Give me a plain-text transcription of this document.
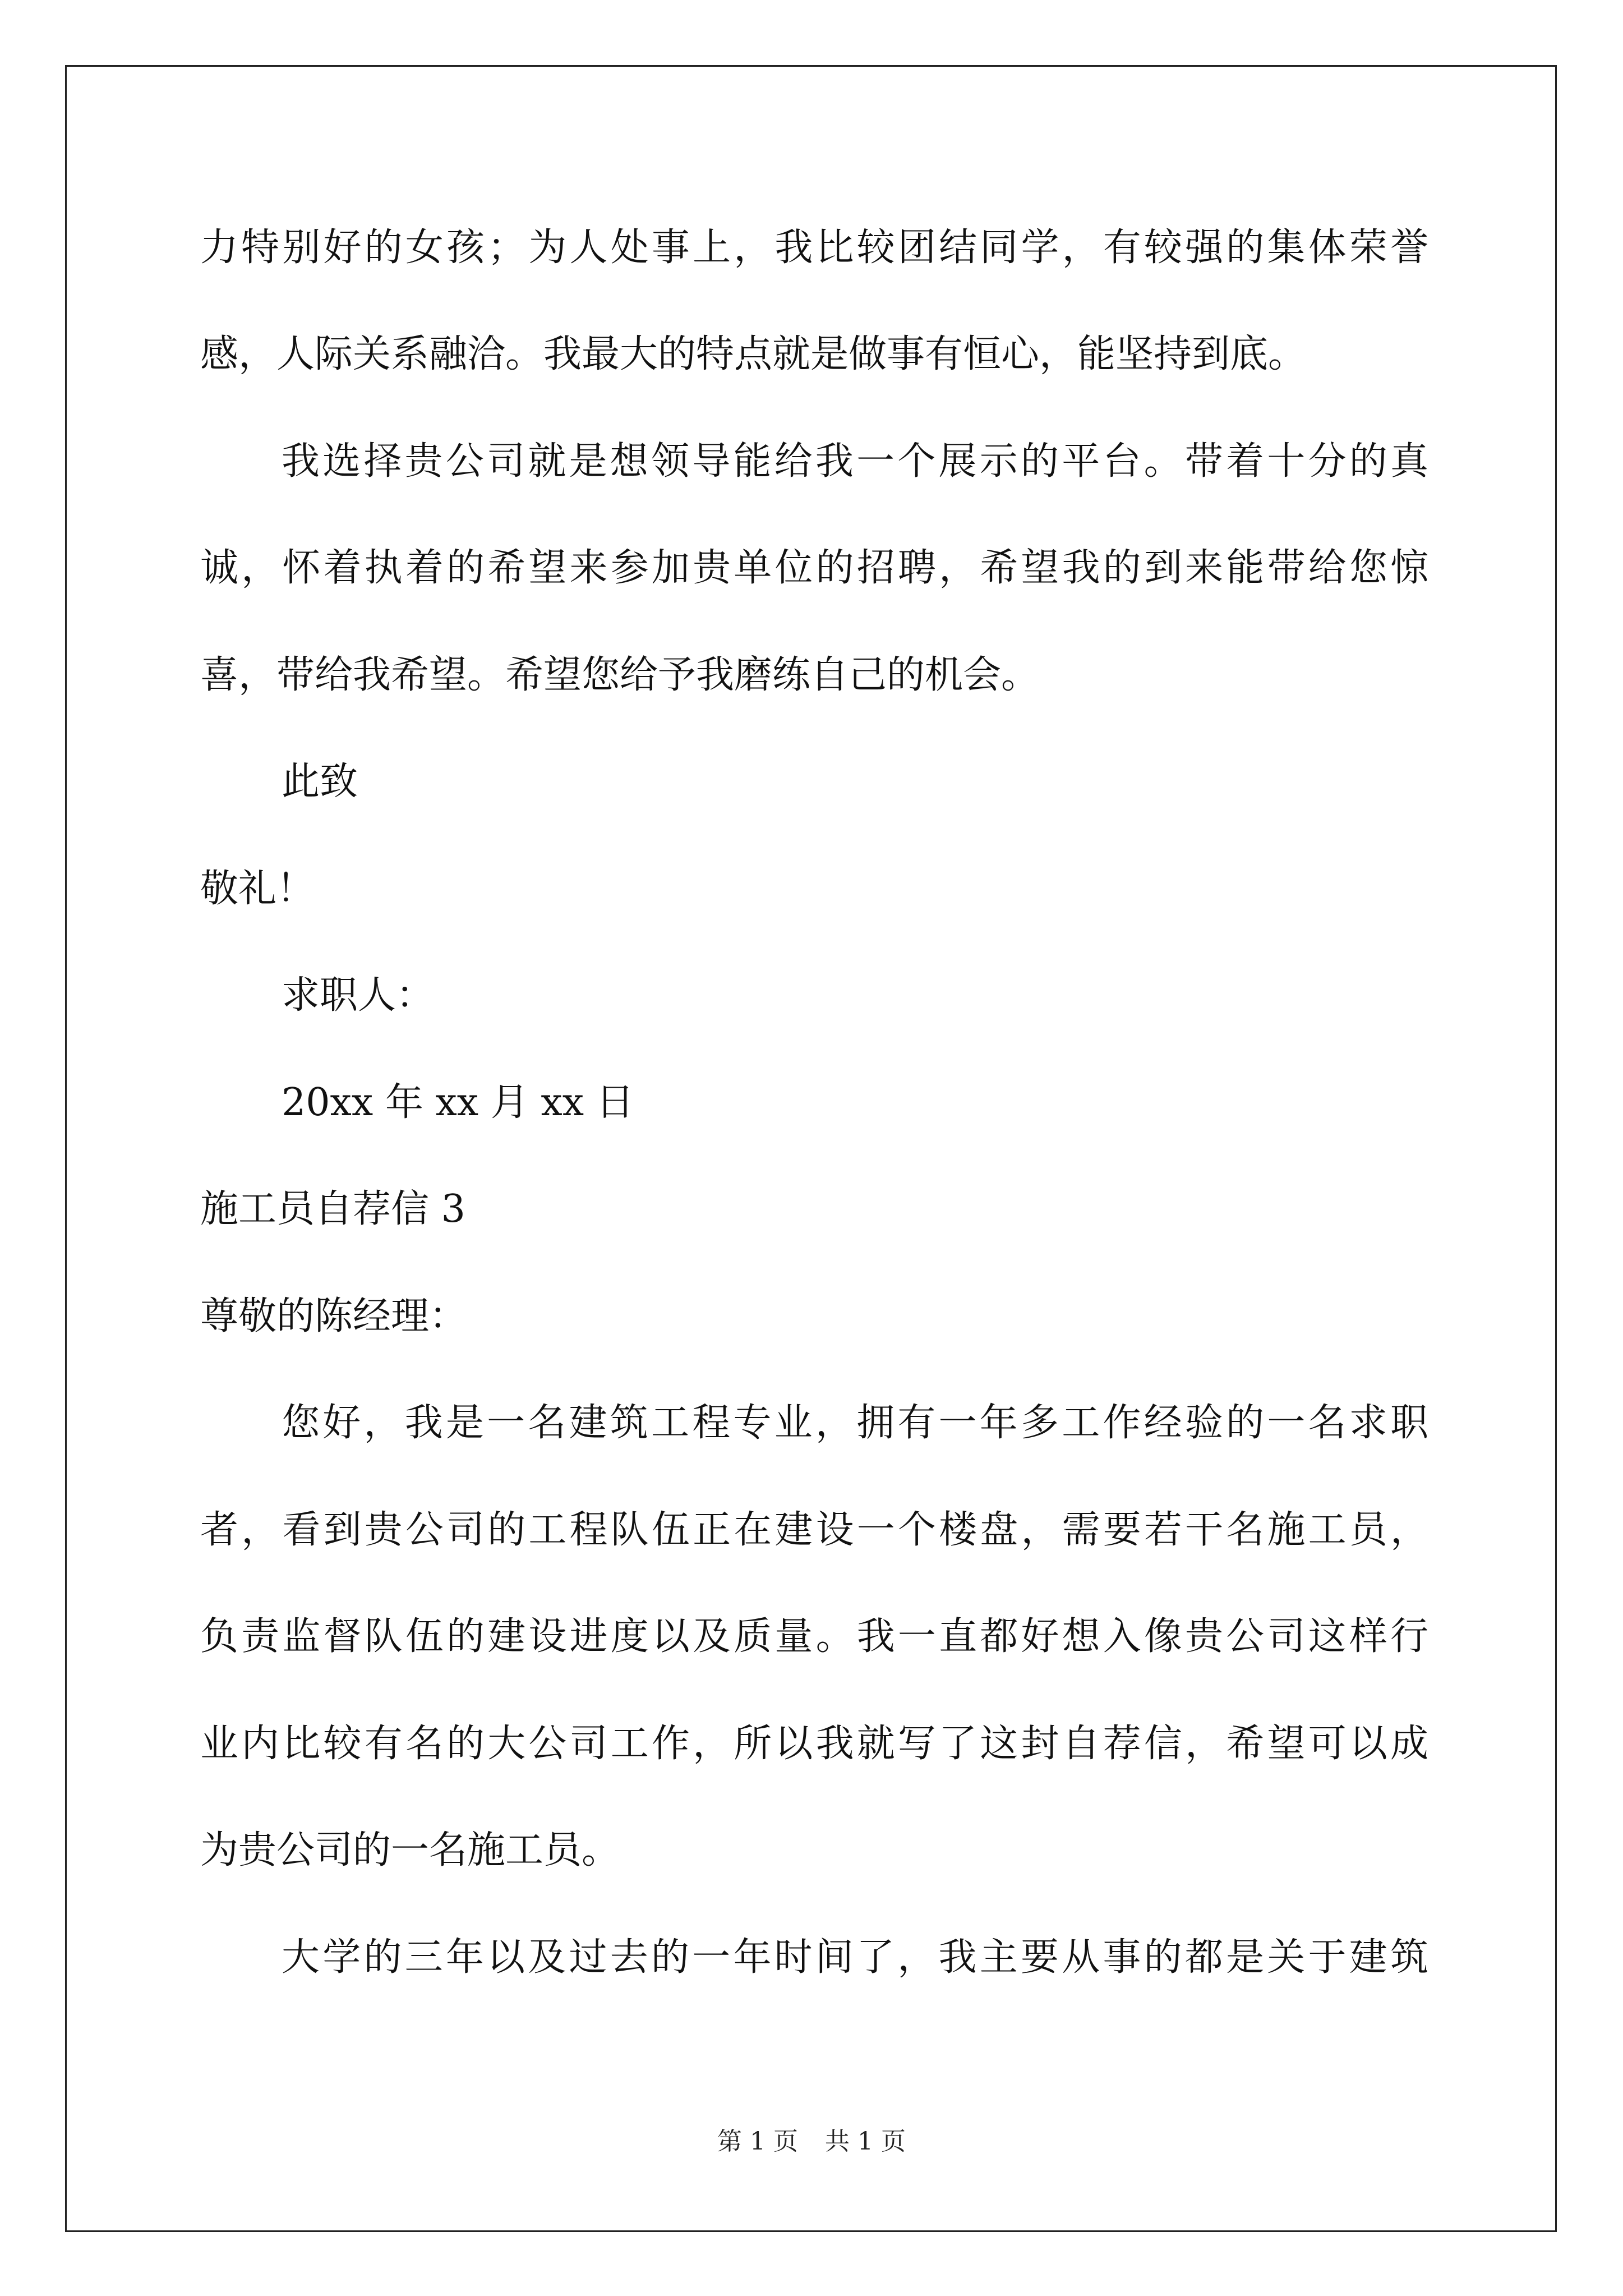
力特别好的女孩；为人处事上，我比较团结同学，有较强的集体荣誉
感，人际关系融洽。我最大的特点就是做事有恒心，能坚持到底。
我选择贵公司就是想领导能给我一个展示的平台。带着十分的真
诚，怀着执着的希望来参加贵单位的招聘，希望我的到来能带给您惊
喜，带给我希望。希望您给予我磨练自己的机会。
此致
敬礼！
求职人：
20xx 年 xx 月 xx 日
施工员自荐信 3
尊敬的陈经理：
您好，我是一名建筑工程专业，拥有一年多工作经验的一名求职
者，看到贵公司的工程队伍正在建设一个楼盘，需要若干名施工员，
负责监督队伍的建设进度以及质量。我一直都好想入像贵公司这样行
业内比较有名的大公司工作，所以我就写了这封自荐信，希望可以成
为贵公司的一名施工员。
大学的三年以及过去的一年时间了，我主要从事的都是关于建筑
第 1 页 共 1 页
